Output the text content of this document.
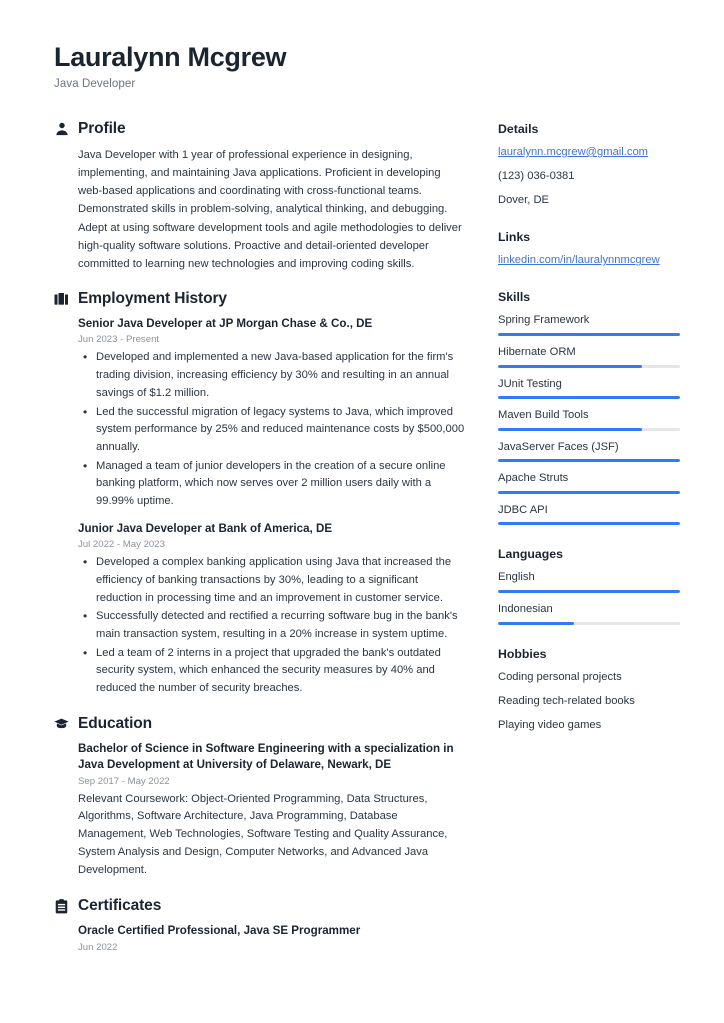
Lauralynn Mcgrew
Java Developer
Profile
Java Developer with 1 year of professional experience in designing, implementing, and maintaining Java applications. Proficient in developing web-based applications and coordinating with cross-functional teams. Demonstrated skills in problem-solving, analytical thinking, and debugging. Adept at using software development tools and agile methodologies to deliver high-quality software solutions. Proactive and detail-oriented developer committed to learning new technologies and improving coding skills.
Employment History
Senior Java Developer at JP Morgan Chase & Co., DE
Jun 2023 - Present
• Developed and implemented a new Java-based application for the firm's trading division, increasing efficiency by 30% and resulting in an annual savings of $1.2 million.
• Led the successful migration of legacy systems to Java, which improved system performance by 25% and reduced maintenance costs by $500,000 annually.
• Managed a team of junior developers in the creation of a secure online banking platform, which now serves over 2 million users daily with a 99.99% uptime.
Junior Java Developer at Bank of America, DE
Jul 2022 - May 2023
• Developed a complex banking application using Java that increased the efficiency of banking transactions by 30%, leading to a significant reduction in processing time and an improvement in customer service.
• Successfully detected and rectified a recurring software bug in the bank's main transaction system, resulting in a 20% increase in system uptime.
• Led a team of 2 interns in a project that upgraded the bank's outdated security system, which enhanced the security measures by 40% and reduced the number of security breaches.
Education
Bachelor of Science in Software Engineering with a specialization in Java Development at University of Delaware, Newark, DE
Sep 2017 - May 2022
Relevant Coursework: Object-Oriented Programming, Data Structures, Algorithms, Software Architecture, Java Programming, Database Management, Web Technologies, Software Testing and Quality Assurance, System Analysis and Design, Computer Networks, and Advanced Java Development.
Certificates
Oracle Certified Professional, Java SE Programmer
Jun 2022
Details
lauralynn.mcgrew@gmail.com
(123) 036-0381
Dover, DE
Links
linkedin.com/in/lauralynnmcgrew
Skills
Spring Framework
Hibernate ORM
JUnit Testing
Maven Build Tools
JavaServer Faces (JSF)
Apache Struts
JDBC API
Languages
English
Indonesian
Hobbies
Coding personal projects
Reading tech-related books
Playing video games
